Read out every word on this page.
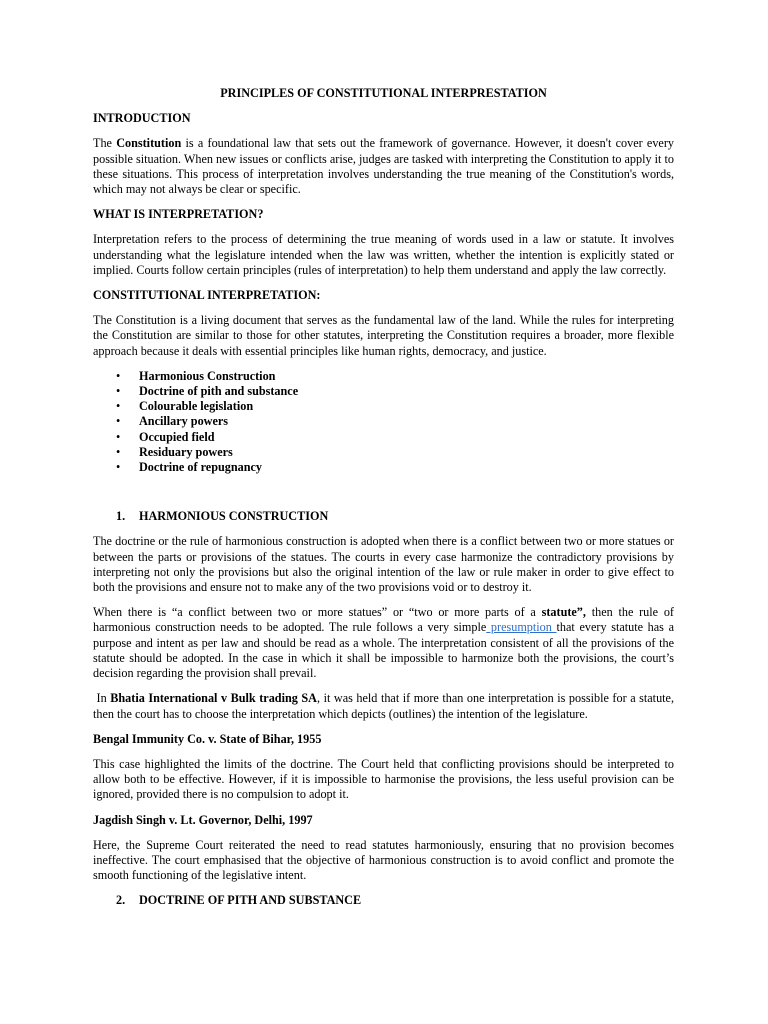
PRINCIPLES OF CONSTITUTIONAL INTERPRESTATION
INTRODUCTION

The Constitution is a foundational law that sets out the framework of governance. However, it doesn't cover every possible situation. When new issues or conflicts arise, judges are tasked with interpreting the Constitution to apply it to these situations. This process of interpretation involves understanding the true meaning of the Constitution's words, which may not always be clear or specific.

WHAT IS INTERPRETATION?

Interpretation refers to the process of determining the true meaning of words used in a law or statute. It involves understanding what the legislature intended when the law was written, whether the intention is explicitly stated or implied. Courts follow certain principles (rules of interpretation) to help them understand and apply the law correctly.

CONSTITUTIONAL INTERPRETATION:

The Constitution is a living document that serves as the fundamental law of the land. While the rules for interpreting the Constitution are similar to those for other statutes, interpreting the Constitution requires a broader, more flexible approach because it deals with essential principles like human rights, democracy, and justice.

• Harmonious Construction
• Doctrine of pith and substance
• Colourable legislation
• Ancillary powers
• Occupied field
• Residuary powers
• Doctrine of repugnancy
1. HARMONIOUS CONSTRUCTION

The doctrine or the rule of harmonious construction is adopted when there is a conflict between two or more statues or between the parts or provisions of the statues. The courts in every case harmonize the contradictory provisions by interpreting not only the provisions but also the original intention of the law or rule maker in order to give effect to both the provisions and ensure not to make any of the two provisions void or to destroy it.

When there is “a conflict between two or more statues” or “two or more parts of a statute”, then the rule of harmonious construction needs to be adopted. The rule follows a very simple presumption that every statute has a purpose and intent as per law and should be read as a whole. The interpretation consistent of all the provisions of the statute should be adopted. In the case in which it shall be impossible to harmonize both the provisions, the court’s decision regarding the provision shall prevail.

In Bhatia International v Bulk trading SA, it was held that if more than one interpretation is possible for a statute, then the court has to choose the interpretation which depicts (outlines) the intention of the legislature.

Bengal Immunity Co. v. State of Bihar, 1955

This case highlighted the limits of the doctrine. The Court held that conflicting provisions should be interpreted to allow both to be effective. However, if it is impossible to harmonise the provisions, the less useful provision can be ignored, provided there is no compulsion to adopt it.

Jagdish Singh v. Lt. Governor, Delhi, 1997

Here, the Supreme Court reiterated the need to read statutes harmoniously, ensuring that no provision becomes ineffective. The court emphasised that the objective of harmonious construction is to avoid conflict and promote the smooth functioning of the legislative intent.

2. DOCTRINE OF PITH AND SUBSTANCE
